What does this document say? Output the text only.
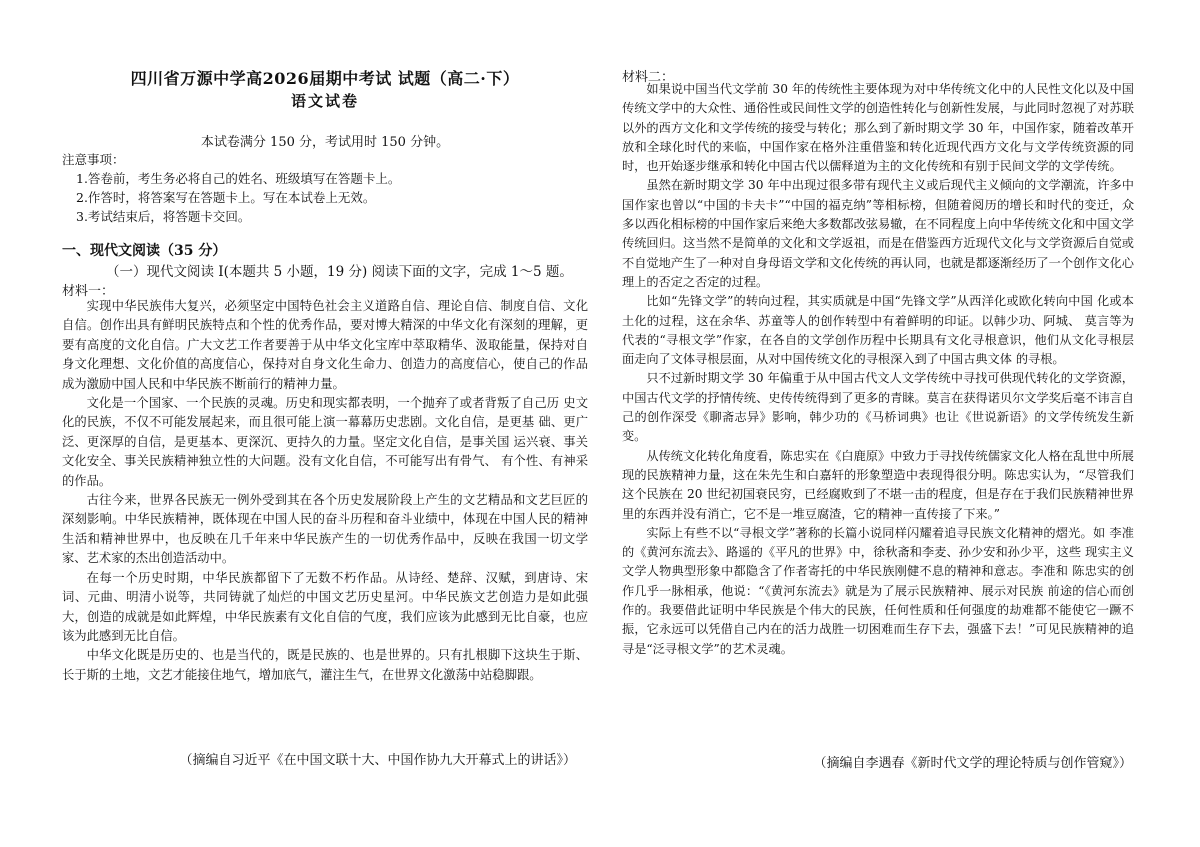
四川省万源中学高2026届期中考试 试题（高二·下）
语文试卷
本试卷满分 150 分，考试用时 150 分钟。
注意事项：
1.答卷前，考生务必将自己的姓名、班级填写在答题卡上。
2.作答时，将答案写在答题卡上。写在本试卷上无效。
3.考试结束后，将答题卡交回。
一、现代文阅读（35 分）
（一）现代文阅读 I(本题共 5 小题，19 分) 阅读下面的文字，完成 1～5 题。
材料一：

实现中华民族伟大复兴，必须坚定中国特色社会主义道路自信、理论自信、制度自信、文化自信。创作出具有鲜明民族特点和个性的优秀作品，要对博大精深的中华文化有深刻的理解，更要有高度的文化自信。广大文艺工作者要善于从中华文化宝库中萃取精华、汲取能量，保持对自身文化理想、文化价值的高度信心，保持对自身文化生命力、创造力的高度信心，使自己的作品成为激励中国人民和中华民族不断前行的精神力量。

文化是一个国家、一个民族的灵魂。历史和现实都表明，一个抛弃了或者背叛了自己历 史文化的民族，不仅不可能发展起来，而且很可能上演一幕幕历史悲剧。文化自信，是更基 础、更广泛、更深厚的自信，是更基本、更深沉、更持久的力量。坚定文化自信，是事关国 运兴衰、事关文化安全、事关民族精神独立性的大问题。没有文化自信，不可能写出有骨气、 有个性、有神采的作品。

古往今来，世界各民族无一例外受到其在各个历史发展阶段上产生的文艺精品和文艺巨匠的深刻影响。中华民族精神，既体现在中国人民的奋斗历程和奋斗业绩中，体现在中国人民的精神生活和精神世界中，也反映在几千年来中华民族产生的一切优秀作品中，反映在我国一切文学家、艺术家的杰出创造活动中。

在每一个历史时期，中华民族都留下了无数不朽作品。从诗经、楚辞、汉赋，到唐诗、宋词、元曲、明清小说等，共同铸就了灿烂的中国文艺历史星河。中华民族文艺创造力是如此强大，创造的成就是如此辉煌，中华民族素有文化自信的气度，我们应该为此感到无比自豪，也应该为此感到无比自信。

中华文化既是历史的、也是当代的，既是民族的、也是世界的。只有扎根脚下这块生于斯、长于斯的土地，文艺才能接住地气，增加底气，灌注生气，在世界文化激荡中站稳脚跟。

（摘编自习近平《在中国文联十大、中国作协九大开幕式上的讲话》）
材料二：

如果说中国当代文学前 30 年的传统性主要体现为对中华传统文化中的人民性文化以及中国传统文学中的大众性、通俗性或民间性文学的创造性转化与创新性发展，与此同时忽视了对苏联以外的西方文化和文学传统的接受与转化；那么到了新时期文学 30 年，中国作家，随着改革开放和全球化时代的来临，中国作家在格外注重借鉴和转化近现代西方文化与文学传统资源的同时，也开始逐步继承和转化中国古代以儒释道为主的文化传统和有别于民间文学的文学传统。

虽然在新时期文学 30 年中出现过很多带有现代主义或后现代主义倾向的文学潮流，许多中国作家也曾以“中国的卡夫卡”“中国的福克纳”等相标榜，但随着阅历的增长和时代的变迁，众多以西化相标榜的中国作家后来绝大多数都改弦易辙，在不同程度上向中华传统文化和中国文学传统回归。这当然不是简单的文化和文学返祖，而是在借鉴西方近现代文化与文学资源后自觉或不自觉地产生了一种对自身母语文学和文化传统的再认同，也就是都逐渐经历了一个创作文化心理上的否定之否定的过程。

比如“先锋文学”的转向过程，其实质就是中国“先锋文学”从西洋化或欧化转向中国 化或本土化的过程，这在余华、苏童等人的创作转型中有着鲜明的印证。以韩少功、阿城、 莫言等为代表的“寻根文学”作家，在各自的文学创作历程中长期具有文化寻根意识，他们从文化寻根层面走向了文体寻根层面，从对中国传统文化的寻根深入到了中国古典文体 的寻根。

只不过新时期文学 30 年偏重于从中国古代文人文学传统中寻找可供现代转化的文学资源，中国古代文学的抒情传统、史传传统得到了更多的青睐。莫言在获得诺贝尔文学奖后毫不讳言自己的创作深受《聊斋志异》影响，韩少功的《马桥词典》也让《世说新语》的文学传统发生新变。

从传统文化转化角度看，陈忠实在《白鹿原》中致力于寻找传统儒家文化人格在乱世中所展现的民族精神力量，这在朱先生和白嘉轩的形象塑造中表现得很分明。陈忠实认为，“尽管我们这个民族在 20 世纪初国衰民穷，已经腐败到了不堪一击的程度，但是存在于我们民族精神世界里的东西并没有消亡，它不是一堆豆腐渣，它的精神一直传接了下来。”

实际上有些不以“寻根文学”著称的长篇小说同样闪耀着追寻民族文化精神的熠光。如 李准的《黄河东流去》、路遥的《平凡的世界》中，徐秋斋和李麦、孙少安和孙少平，这些 现实主义文学人物典型形象中都隐含了作者寄托的中华民族刚健不息的精神和意志。李准和 陈忠实的创作几乎一脉相承，他说：“《黄河东流去》就是为了展示民族精神、展示对民族 前途的信心而创作的。我要借此证明中华民族是个伟大的民族，任何性质和任何强度的劫难都不能使它一蹶不振，它永远可以凭借自己内在的活力战胜一切困难而生存下去，强盛下去！”可见民族精神的追寻是“泛寻根文学”的艺术灵魂。

（摘编自李遇春《新时代文学的理论特质与创作管窥》）
